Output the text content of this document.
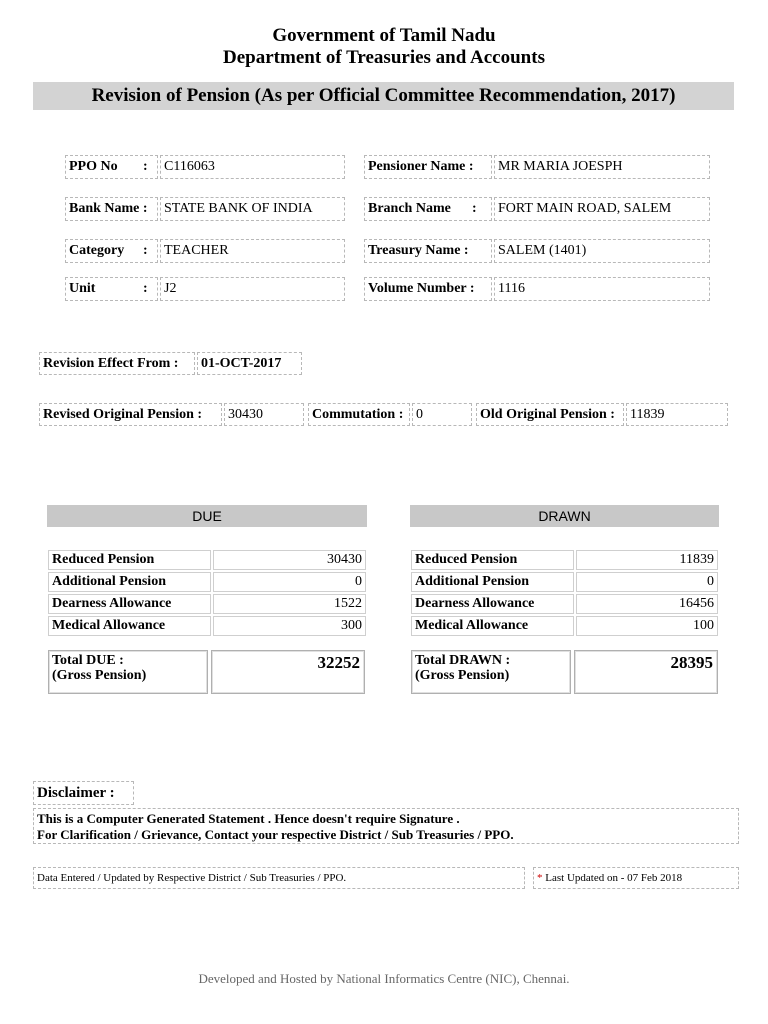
Government of Tamil Nadu
Department of Treasuries and Accounts
Revision of Pension (As per Official Committee Recommendation, 2017)
PPO No : C116063	Pensioner Name :	MR MARIA JOESPH
Bank Name :	STATE BANK OF INDIA	Branch Name : FORT MAIN ROAD, SALEM
Category : TEACHER	Treasury Name :	SALEM (1401)
Unit	: J2	Volume Number :	1116
Revision Effect From :	01-OCT-2017
Revised Original Pension :	30430	Commutation : 0	Old Original Pension :	11839
DUE
Reduced Pension	30430
Additional Pension	0
Dearness Allowance	1522
Medical Allowance	300
Total DUE :
(Gross Pension)
32252
DRAWN
Reduced Pension	11839
Additional Pension	0
Dearness Allowance	16456
Medical Allowance	100
Total DRAWN :
(Gross Pension)
28395
Disclaimer :
This is a Computer Generated Statement . Hence doesn't require Signature .
For Clarification / Grievance, Contact your respective District / Sub Treasuries / PPO.
Data Entered / Updated by Respective District / Sub Treasuries / PPO.	* Last Updated on - 07 Feb 2018
Developed and Hosted by National Informatics Centre (NIC), Chennai.
